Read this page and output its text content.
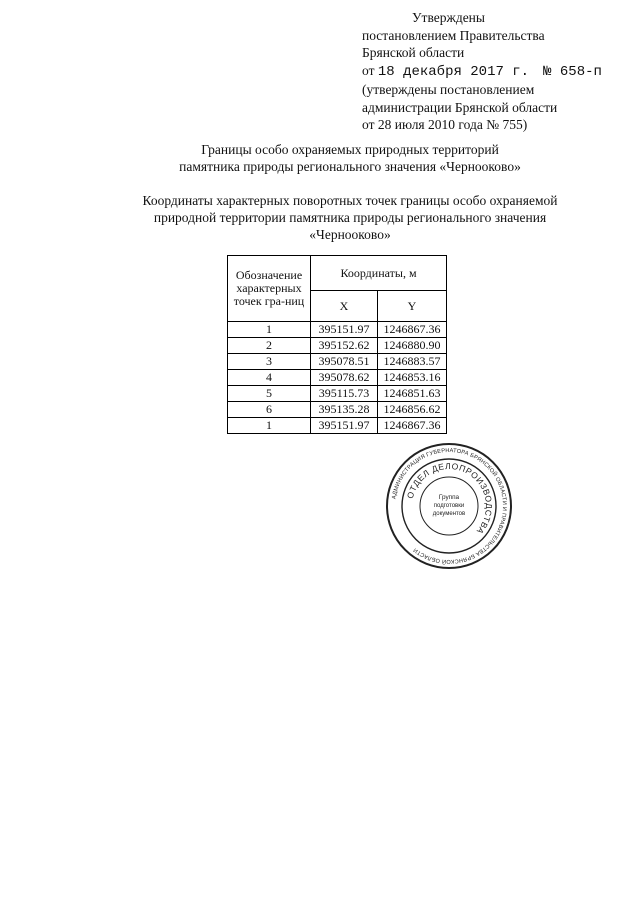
Утверждены
постановлением Правительства
Брянской области
от 18 декабря 2017 г. № 658-п
(утверждены постановлением
администрации Брянской области
от 28 июля 2010 года № 755)
Границы особо охраняемых природных территорий
памятника природы регионального значения «Чернооково»
Координаты характерных поворотных точек границы особо охраняемой
природной территории памятника природы регионального значения
«Чернооково»
Обозначение характерных точек гра-ниц	Координаты, м	
	X	Y
1	395151.97	1246867.36
2	395152.62	1246880.90
3	395078.51	1246883.57
4	395078.62	1246853.16
5	395115.73	1246851.63
6	395135.28	1246856.62
1	395151.97	1246867.36
АДМИНИСТРАЦИЯ ГУБЕРНАТОРА БРЯНСКОЙ ОБЛАСТИ И ПРАВИТЕЛЬСТВА БРЯНСКОЙ ОБЛАСТИ
ОТДЕЛ ДЕЛОПРОИЗВОДСТВА
Группа
подготовки
документов
